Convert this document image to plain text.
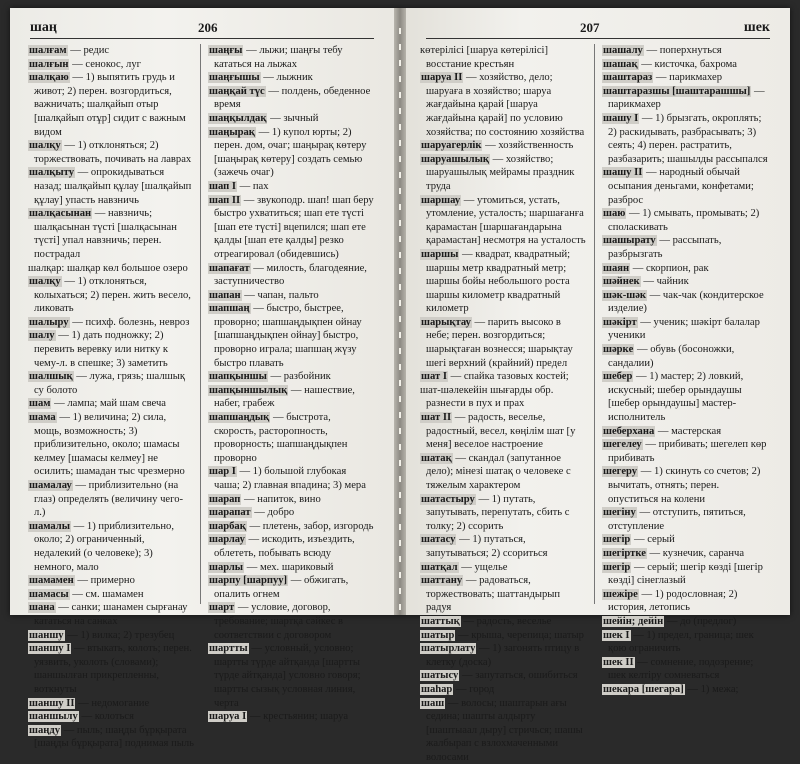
шаң	206

шалғам — редис

шалғын — сенокос, луг

шалқаю — 1) выпятить грудь и живот; 2) перен. возгордиться, важничать; шалқайып отыр [шалқайып отұр] сидит с важным видом

шалқу — 1) отклоняться; 2) торжествовать, почивать на лаврах

шалқыту — опрокидываться назад; шалқайып құлау [шалқайып құлау] упасть навзничь

шалқасынан — навзничь; шалқасынан түсті [шалқасынан түсті] упал навзничь; перен. пострадал

шалқар: шалқар көл большое озеро

шалқу — 1) отклоняться, колыхаться; 2) перен. жить весело, ликовать

шалыру — психф. болезнь, невроз

шалу — 1) дать подножку; 2) перевить веревку или нитку к чему-л. в спешке; 3) заметить

шалшық — лужа, грязь; шалшық су болото

шам — лампа; май шам свеча

шама — 1) величина; 2) сила, мощь, возможность; 3) приблизительно, около; шамасы келмеу [шамасы келмеу] не осилить; шамадан тыс чрезмерно

шамалау — приблизительно (на глаз) определять (величину чего-л.)

шамалы — 1) приблизительно, около; 2) ограниченный, недалекий (о человеке); 3) немного, мало

шамамен — примерно

шамасы — см. шамамен

шана — санки; шанамен сырғанау кататься на санках

шаншу — 1) вилка; 2) трезубец

шаншу I — втыкать, колоть; перен. уязвить, уколоть (словами); шаншылған прикрепленны, воткнуты

шаншу II — недомогание

шаншылу — колоться

шаңду — пыль; шаңды бұрқырата [шаңды бұрқырата] поднимая пыль

шаңғы — лыжи; шаңғы тебу кататься на лыжах

шаңғышы — лыжник

шаңқай түс — полдень, обеденное время

шаңқылдақ — зычный

шаңырақ — 1) купол юрты; 2) перен. дом, очаг; шаңырақ көтеру [шаңырақ көтеру] создать семью (зажечь очаг)

шап I — пах

шап II — звукоподр. шап! шап беру быстро ухватиться; шап ете түсті [шап ете түсті] вцепился; шап ете қалды [шап ете қалды] резко отреагировал (обидевшись)

шапағат — милость, благодеяние, заступничество

шапан — чапан, пальто

шапшаң — быстро, быстрее, проворно; шапшаңдықпен ойнау [шапшаңдықпен ойнау] быстро, проворно играла; шапшаң жүзу быстро плавать

шапқыншы — разбойник

шапқыншылық — нашествие, набег, грабеж

шапшаңдық — быстрота, скорость, расторопность, проворность; шапшаңдықпен проворно

шар I — 1) большой глубокая чаша; 2) главная впадина; 3) мера

шарап — напиток, вино

шарапат — добро

шарбақ — плетень, забор, изгородь

шарлау — искодить, изъездить, облететь, побывать всюду

шарлы — мех. шариковый

шарпу [шарпуу] — обжигать, опалить огнем

шарт — условие, договор, требование; шартқа сәйкес в соответствии с договором

шартты — условный, условно; шартты түрде айтқанда [шартты түрде айтқанда] условно говоря; шартты сызық условная линия, черта

шаруа I — крестьянин; шаруа

207	шек

көтерілісі [шаруа көтерілісі] восстание крестьян

шаруа II — хозяйство, дело; шаруаға в хозяйство; шаруа жағдайына қарай [шаруа жағдайына қарай] по условию хозяйства; по состоянию хозяйства

шаруагерлік — хозяйственность

шаруашылық — хозяйство; шаруашылық мейрамы праздник труда

шаршау — утомиться, устать, утомление, усталость; шаршағанға қарамастан [шаршағандарына қарамастан] несмотря на усталость

шаршы — квадрат, квадратный; шаршы метр квадратный метр; шаршы бойы небольшого роста шаршы километр квадратный километр

шарықтау — парить высоко в небе; перен. возгордиться; шарықтаған вознесся; шарықтау шегі верхний (крайний) предел

шат I — спайка тазовых костей;

шат-шәлекейін шығарды обр. разнести в пух и прах

шат II — радость, веселье, радостный, весел, көңілім шат [у меня] веселое настроение

шатақ — скандал (запутанное дело); мінезі шатақ о человеке с тяжелым характером

шатастыру — 1) путать, запутывать, перепутать, сбить с толку; 2) ссорить

шатасу — 1) путаться, запутываться; 2) ссориться

шатқал — ущелье

шаттану — радоваться, торжествовать; шаттандырып радуя

шаттық — радость, веселье

шатыр — крыша, черепица; шатыр

шатырлату — 1) загонять птицу в клетку (доска)

шатысу — запутаться, ошибиться

шаһар — город

шаш — волосы; шаштарын ағы седина; шашты алдырту [шаштыаал дыру] стричься; шашы жалбырап с взлохмаченными волосами

шашалу — поперхнуться

шашақ — кисточка, бахрома

шаштараз — парикмахер

шаштаразшы [шаштарашшы] — парикмахер

шашу I — 1) брызгать, окроплять; 2) раскидывать, разбрасывать; 3) сеять; 4) перен. растратить, разбазарить; шашылды рассыпался

шашу II — народный обычай осыпания деньгами, конфетами; разброс

шаю — 1) смывать, промывать; 2) споласкивать

шашырату — рассыпать, разбрызгать

шаян — скорпион, рак

шәйнек — чайник

шәк-шәк — чак-чак (кондитерское изделие)

шәкірт — ученик; шәкірт балалар ученики

шәркe — обувь (босоножки, сандалии)

шебер — 1) мастер; 2) ловкий, искусный; шебер орындаушы [шебер орындаушы] мастер-исполнитель

шеберхана — мастерская

шегелеу — прибивать; шегелеп көр прибивать

шегеру — 1) скинуть со счетов; 2) вычитать, отнять; перен. опуститься на колени

шегіну — отступить, пятиться, отступление

шегір — серый

шегіртке — кузнечик, саранча

шегір — серый; шегір көзді [шегір көзді] сінеглазый

шежіре — 1) родословная; 2) история, летопись

шейін; дейін — до (предлог)

шек I — 1) предел, граница; шек қою ограничить

шек II — сомнение, подозрение; шек келтіру сомневаться

шекара [шегара] — 1) межа;
